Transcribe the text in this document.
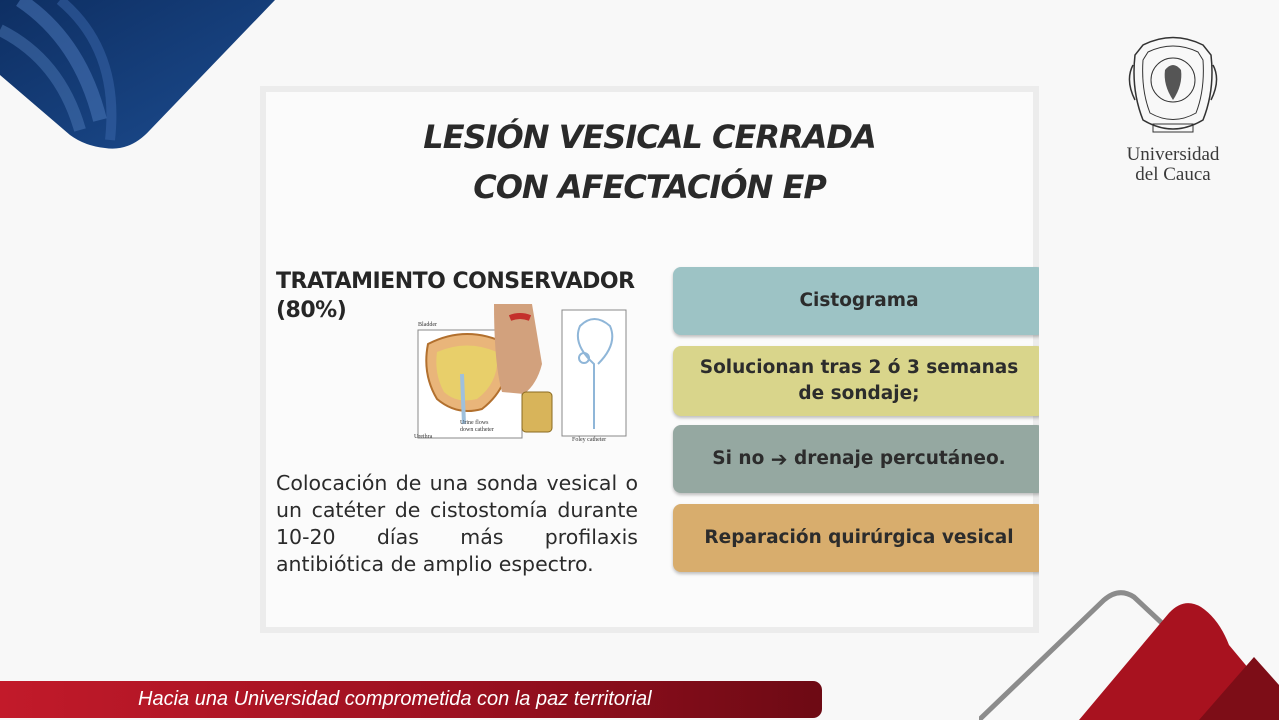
Universidad
del Cauca
LESIÓN VESICAL CERRADA
CON AFECTACIÓN EP
TRATAMIENTO CONSERVADOR
(80%)
Bladder
Urethra
Urine flows
down catheter
Foley catheter
Colocación de una sonda vesical o un catéter de cistostomía durante 10-20 días más profilaxis antibiótica de amplio espectro.
Cistograma
Solucionan tras 2 ó 3 semanas de sondaje;
Si no
➔
drenaje percutáneo.
Reparación quirúrgica vesical
Hacia una Universidad comprometida con la paz territorial
